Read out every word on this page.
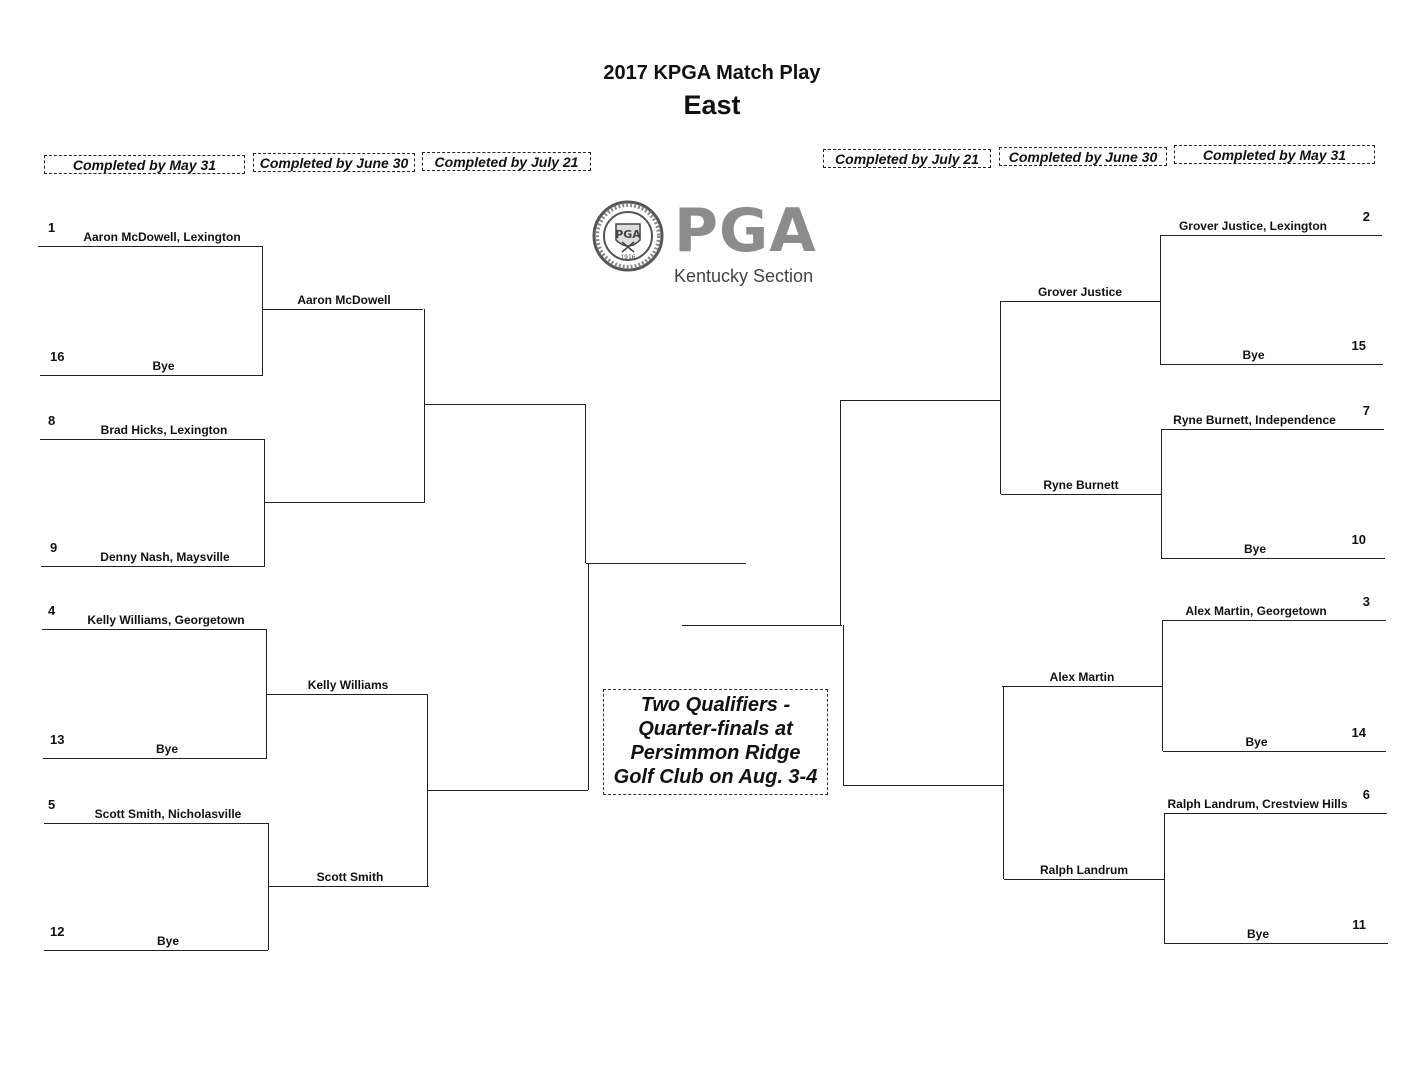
2017 KPGA Match Play
East
Completed by May 31	Completed by June 30	Completed by July 21	Completed by July 21	Completed by June 30	Completed by May 31
PGA
1916 PGA
Kentucky Section
Aaron McDowell, Lexington
1
Bye
16
Brad Hicks, Lexington
8
Denny Nash, Maysville
9
Kelly Williams, Georgetown
4
Bye
13
Scott Smith, Nicholasville
5
Bye
12
Aaron McDowell
Kelly Williams
Scott Smith
Grover Justice, Lexington
2
Bye
15
Ryne Burnett, Independence
7
Bye
10
Alex Martin, Georgetown
3
Bye
14
Ralph Landrum, Crestview Hills
6
Bye
11
Grover Justice
Ryne Burnett
Alex Martin
Ralph Landrum
Two Qualifiers -
Quarter-finals at
Persimmon Ridge
Golf Club on Aug. 3-4
